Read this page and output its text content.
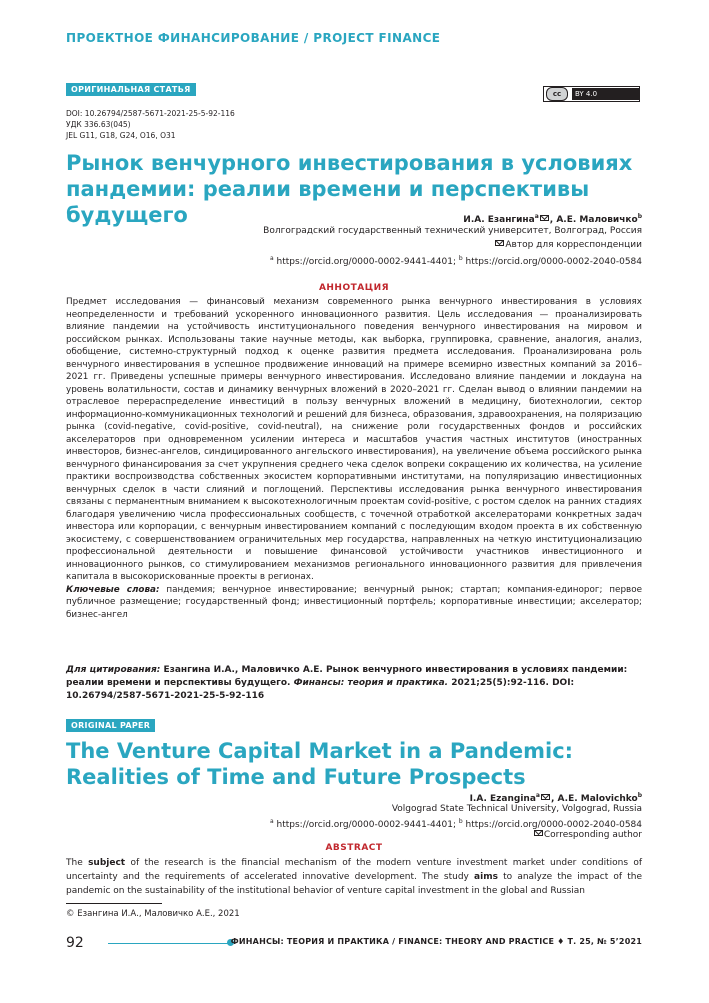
ПРОЕКТНОЕ ФИНАНСИРОВАНИЕ / PROJECT FINANCE
ОРИГИНАЛЬНАЯ СТАТЬЯ	cc	BY 4.0
DOI: 10.26794/2587-5671-2021-25-5-92-116
УДК 336.63(045)
JEL G11, G18, G24, O16, O31
Рынок венчурного инвестирования в условиях
пандемии: реалии времени и перспективы будущего	И.А. Езангина$^a$ , А.Е. Маловичко$^b$
Волгоградский государственный технический университет, Волгоград, Россия
Автор для корреспонденции
$^a$ https://orcid.org/0000-0002-9441-4401; $^b$ https://orcid.org/0000-0002-2040-0584
АННОТАЦИЯ
Предмет исследования — финансовый механизм современного рынка венчурного инвестирования в условиях неопределенности и требований ускоренного инновационного развития. Цель исследования — проанализировать влияние пандемии на устойчивость институционального поведения венчурного инвестирования на мировом и российском рынках. Использованы такие научные методы, как выборка, группировка, сравнение, аналогия, анализ, обобщение, системно-структурный подход к оценке развития предмета исследования. Проанализирована роль венчурного инвестирования в успешное продвижение инноваций на примере всемирно известных компаний за 2016–2021 гг. Приведены успешные примеры венчурного инвестирования. Исследовано влияние пандемии и локдауна на уровень волатильности, состав и динамику венчурных вложений в 2020–2021 гг. Сделан вывод о влиянии пандемии на отраслевое перераспределение инвестиций в пользу венчурных вложений в медицину, биотехнологии, сектор информационно-коммуникационных технологий и решений для бизнеса, образования, здравоохранения, на поляризацию рынка (covid-negative, covid-positive, covid-neutral), на снижение роли государственных фондов и российских акселераторов при одновременном усилении интереса и масштабов участия частных институтов (иностранных инвесторов, бизнес-ангелов, синдицированного ангельского инвестирования), на увеличение объема российского рынка венчурного финансирования за счет укрупнения среднего чека сделок вопреки сокращению их количества, на усиление практики воспроизводства собственных экосистем корпоративными институтами, на популяризацию инвестиционных венчурных сделок в части слияний и поглощений. Перспективы исследования рынка венчурного инвестирования связаны с перманентным вниманием к высокотехнологичным проектам covid-positive, с ростом сделок на ранних стадиях благодаря увеличению числа профессиональных сообществ, с точечной отработкой акселераторами конкретных задач инвестора или корпорации, с венчурным инвестированием компаний с последующим входом проекта в их собственную экосистему, с совершенствованием ограничительных мер государства, направленных на четкую институционализацию профессиональной деятельности и повышение финансовой устойчивости участников инвестиционного и инновационного рынков, со стимулированием механизмов регионального инновационного развития для привлечения капитала в высокорискованные проекты в регионах.
Ключевые слова: пандемия; венчурное инвестирование; венчурный рынок; стартап; компания-единорог; первое публичное размещение; государственный фонд; инвестиционный портфель; корпоративные инвестиции; акселератор; бизнес-ангел
Для цитирования: Езангина И.А., Маловичко А.Е. Рынок венчурного инвестирования в условиях пандемии: реалии времени и перспективы будущего. Финансы: теория и практика. 2021;25(5):92-116. DOI: 10.26794/2587-5671-2021-25-5-92-116
ORIGINAL PAPER
The Venture Capital Market in a Pandemic:
Realities of Time and Future Prospects
I.A. Ezangina$^a$ , A.E. Malovichko$^b$
Volgograd State Technical University, Volgograd, Russia
$^a$ https://orcid.org/0000-0002-9441-4401; $^b$ https://orcid.org/0000-0002-2040-0584
Corresponding author
ABSTRACT
The subject of the research is the financial mechanism of the modern venture investment market under conditions of uncertainty and the requirements of accelerated innovative development. The study aims to analyze the impact of the pandemic on the sustainability of the institutional behavior of venture capital investment in the global and Russian
© Езангина И.А., Маловичко А.Е., 2021
92	ФИНАНСЫ: ТЕОРИЯ И ПРАКТИКА / FINANCE: THEORY AND PRACTICE ♦ Т. 25, № 5’2021
